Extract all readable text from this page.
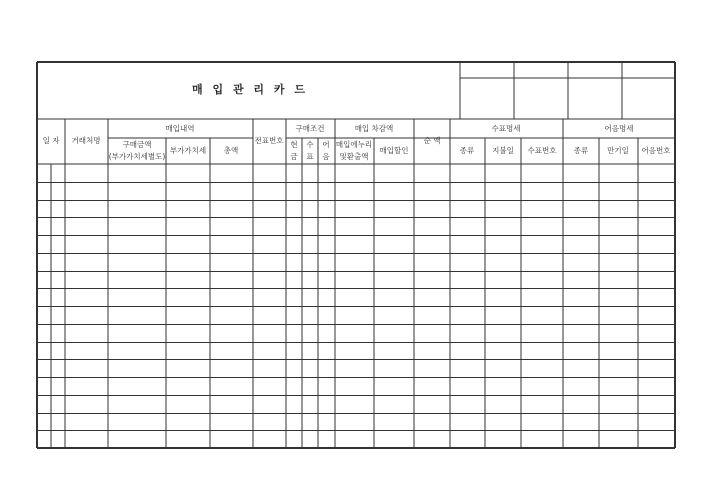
매 입 관 리 카 드
일 자 거래처명
매입내역
구매금액
(부가가치세별도)
부가가치세 총액
전표번호
구매조건
현
금
수
표
어
음
매입 차감액
매입에누리
및환출액
매입할인
순 액
수표명세
종류 지불일 수표번호
어음명세
종류	만기일 어음번호
